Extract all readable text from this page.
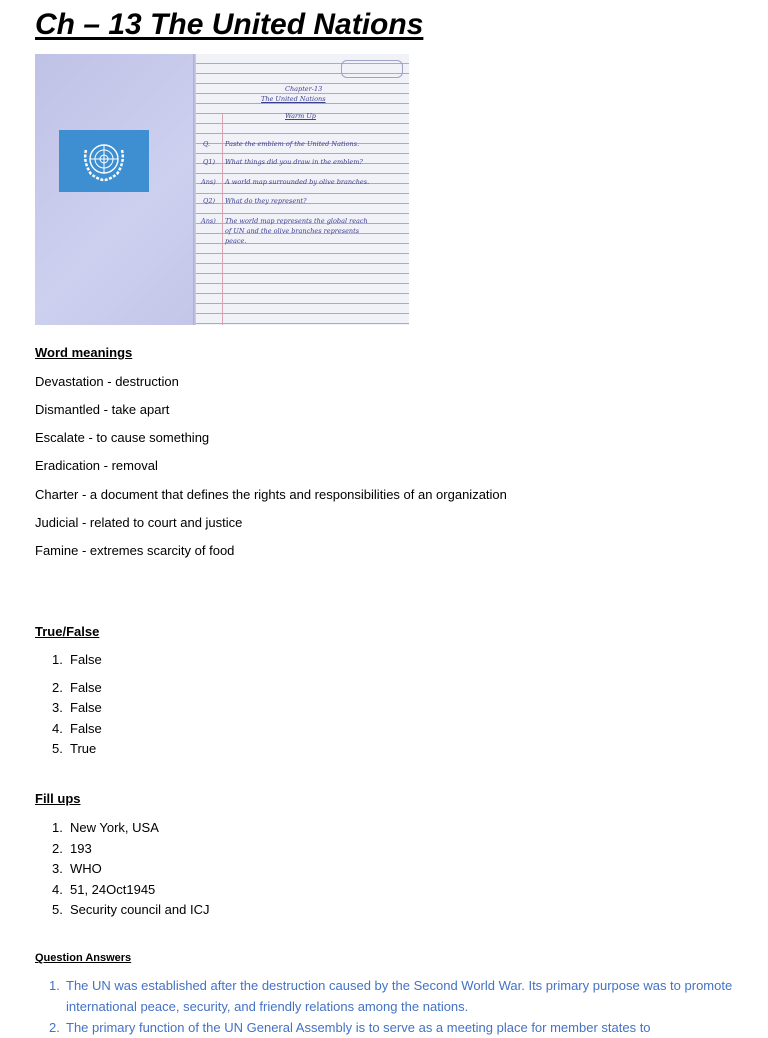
Ch – 13 The United Nations
Chapter-13
The United Nations
Warm Up
Q. Paste the emblem of the United Nations.
Q1) What things did you draw in the emblem?
Ans) A world map surrounded by olive branches.
Q2) What do they represent?
Ans) The world map represents the global reach
of UN and the olive branches represents
peace.

Word meanings

Devastation - destruction

Dismantled - take apart

Escalate - to cause something

Eradication - removal

Charter - a document that defines the rights and responsibilities of an organization

Judicial - related to court and justice

Famine - extremes scarcity of food

True/False

1. False
2. False
3. False
4. False
5. True

Fill ups

1. New York, USA
2. 193
3. WHO
4. 51, 24Oct1945
5. Security council and ICJ

Question Answers

1. The UN was established after the destruction caused by the Second World War. Its primary purpose was to promote international peace, security, and friendly relations among the nations.
2. The primary function of the UN General Assembly is to serve as a meeting place for member states to
